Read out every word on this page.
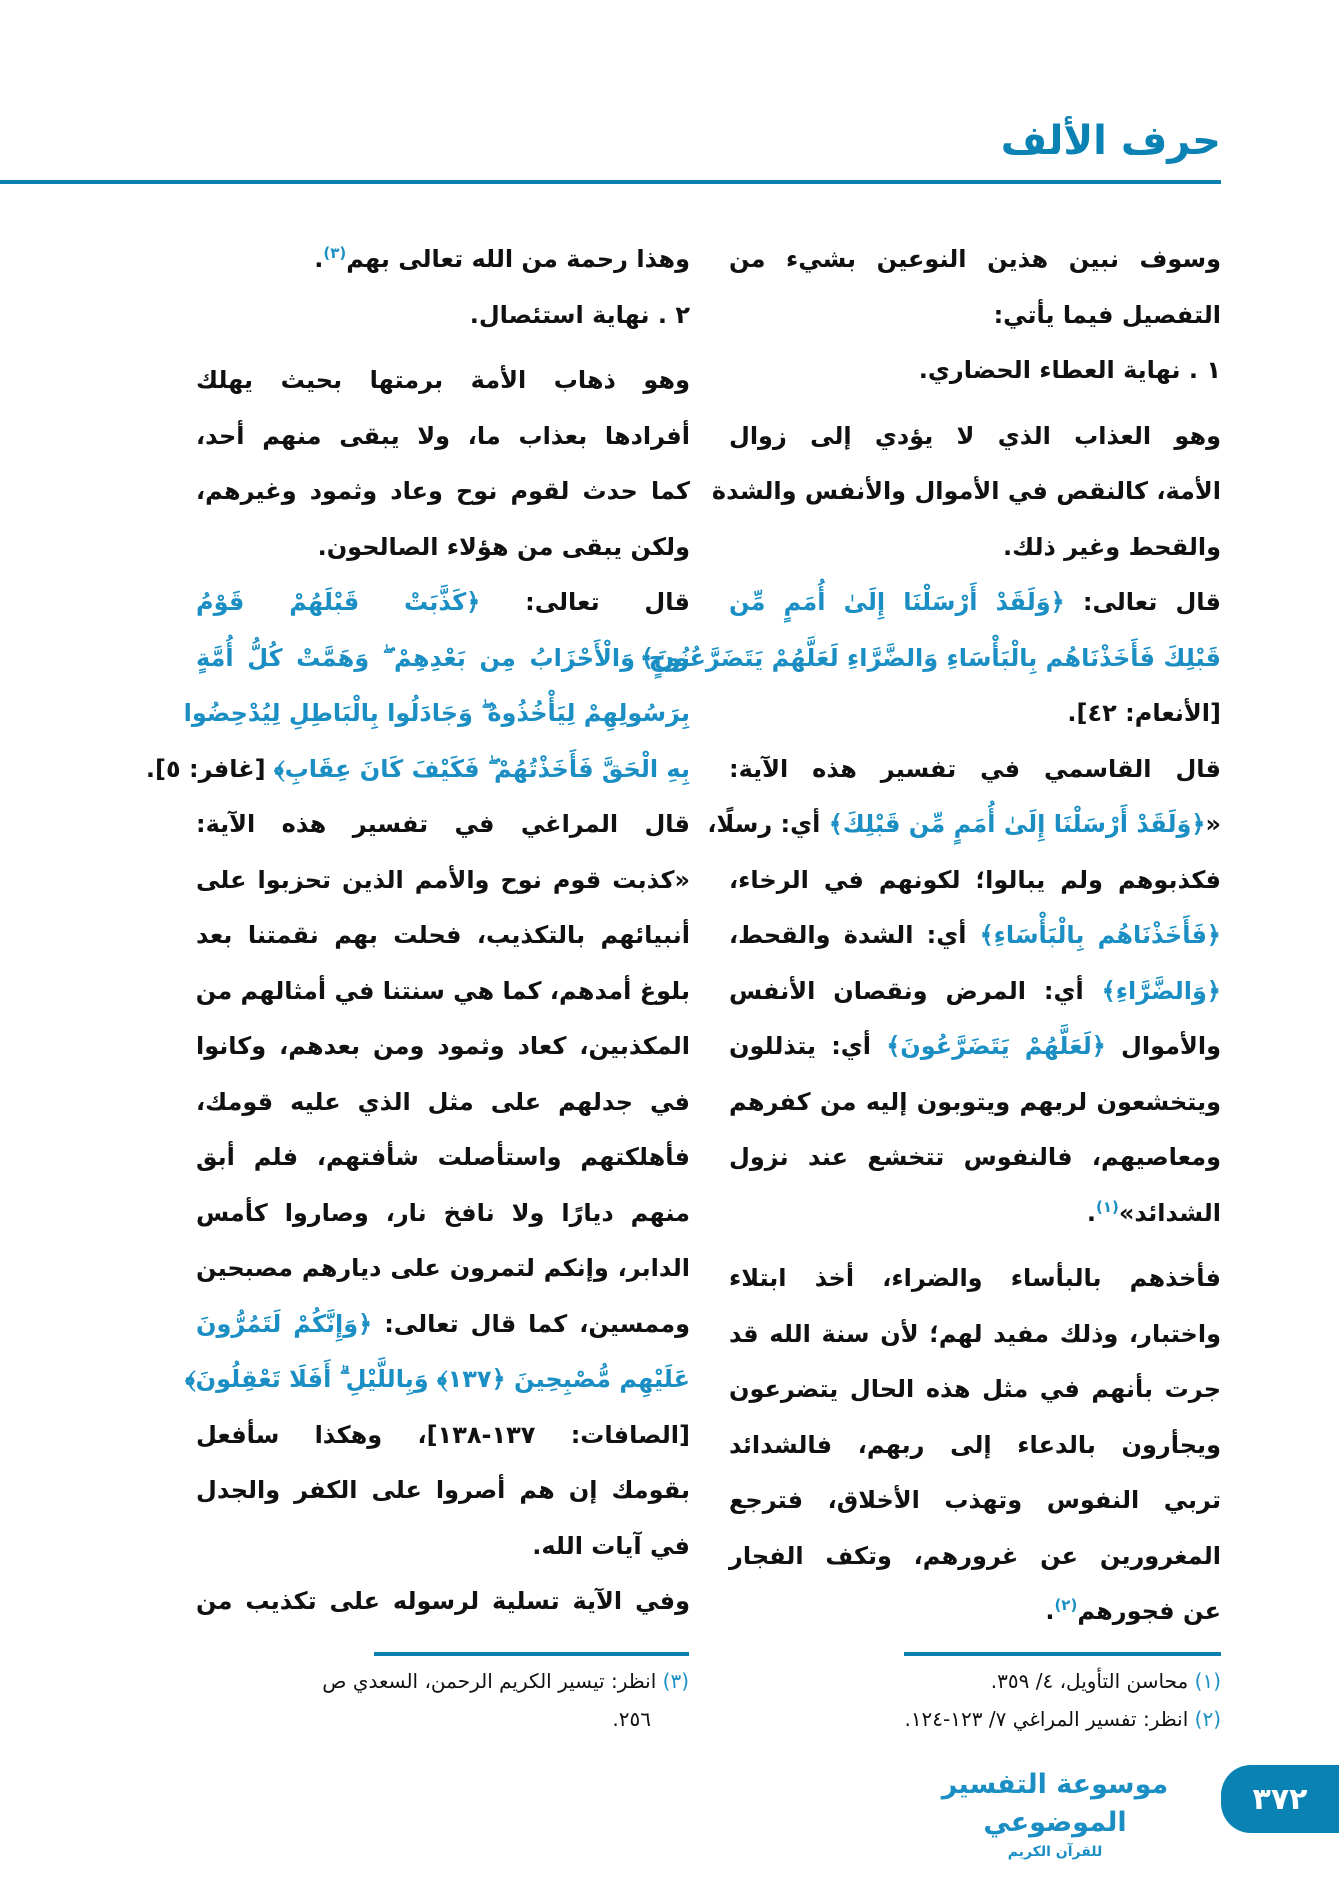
حرف الألف
وسوف نبين هذين النوعين بشيء من
التفصيل فيما يأتي:
١ . نهاية العطاء الحضاري.
وهو العذاب الذي لا يؤدي إلى زوال
الأمة، كالنقص في الأموال والأنفس والشدة
والقحط وغير ذلك.
قال تعالى: ﴿وَلَقَدْ أَرْسَلْنَا إِلَىٰ أُمَمٍ مِّن
قَبْلِكَ فَأَخَذْنَاهُم بِالْبَأْسَاءِ وَالضَّرَّاءِ لَعَلَّهُمْ يَتَضَرَّعُونَ﴾
[الأنعام: ٤٢].
قال القاسمي في تفسير هذه الآية:
«﴿وَلَقَدْ أَرْسَلْنَا إِلَىٰ أُمَمٍ مِّن قَبْلِكَ﴾ أي: رسلًا،
فكذبوهم ولم يبالوا؛ لكونهم في الرخاء،
﴿فَأَخَذْنَاهُم بِالْبَأْسَاءِ﴾ أي: الشدة والقحط،
﴿وَالضَّرَّاءِ﴾ أي: المرض ونقصان الأنفس
والأموال ﴿لَعَلَّهُمْ يَتَضَرَّعُونَ﴾ أي: يتذللون
ويتخشعون لربهم ويتوبون إليه من كفرهم
ومعاصيهم، فالنفوس تتخشع عند نزول
الشدائد»$^{(١)}$.
فأخذهم بالبأساء والضراء، أخذ ابتلاء
واختبار، وذلك مفيد لهم؛ لأن سنة الله قد
جرت بأنهم في مثل هذه الحال يتضرعون
ويجأرون بالدعاء إلى ربهم، فالشدائد
تربي النفوس وتهذب الأخلاق، فترجع
المغرورين عن غرورهم، وتكف الفجار
عن فجورهم$^{(٢)}$.
وهذا رحمة من الله تعالى بهم$^{(٣)}$.
٢ . نهاية استئصال.
وهو ذهاب الأمة برمتها بحيث يهلك
أفرادها بعذاب ما، ولا يبقى منهم أحد،
كما حدث لقوم نوح وعاد وثمود وغيرهم،
ولكن يبقى من هؤلاء الصالحون.
قال تعالى: ﴿كَذَّبَتْ قَبْلَهُمْ قَوْمُ
نُوحٍ وَالْأَحْزَابُ مِن بَعْدِهِمْ ۖ وَهَمَّتْ كُلُّ أُمَّةٍ
بِرَسُولِهِمْ لِيَأْخُذُوهُ ۖ وَجَادَلُوا بِالْبَاطِلِ لِيُدْحِضُوا
بِهِ الْحَقَّ فَأَخَذْتُهُمْ ۖ فَكَيْفَ كَانَ عِقَابِ﴾ [غافر: ٥].
قال المراغي في تفسير هذه الآية:
«كذبت قوم نوح والأمم الذين تحزبوا على
أنبيائهم بالتكذيب، فحلت بهم نقمتنا بعد
بلوغ أمدهم، كما هي سنتنا في أمثالهم من
المكذبين، كعاد وثمود ومن بعدهم، وكانوا
في جدلهم على مثل الذي عليه قومك،
فأهلكتهم واستأصلت شأفتهم، فلم أبق
منهم ديارًا ولا نافخ نار، وصاروا كأمس
الدابر، وإنكم لتمرون على ديارهم مصبحين
وممسين، كما قال تعالى: ﴿وَإِنَّكُمْ لَتَمُرُّونَ
عَلَيْهِم مُّصْبِحِينَ ﴿١٣٧﴾ وَبِاللَّيْلِ ۗ أَفَلَا تَعْقِلُونَ﴾
[الصافات: ١٣٧-١٣٨]، وهكذا سأفعل
بقومك إن هم أصروا على الكفر والجدل
في آيات الله.
وفي الآية تسلية لرسوله على تكذيب من
(١) محاسن التأويل، ٤/ ٣٥٩.
(٢) انظر: تفسير المراغي ٧/ ١٢٣-١٢٤.
(٣) انظر: تيسير الكريم الرحمن، السعدي ص
٢٥٦.
موسوعة التفسير الموضوعي
للقرآن الكريم
٣٧٢
